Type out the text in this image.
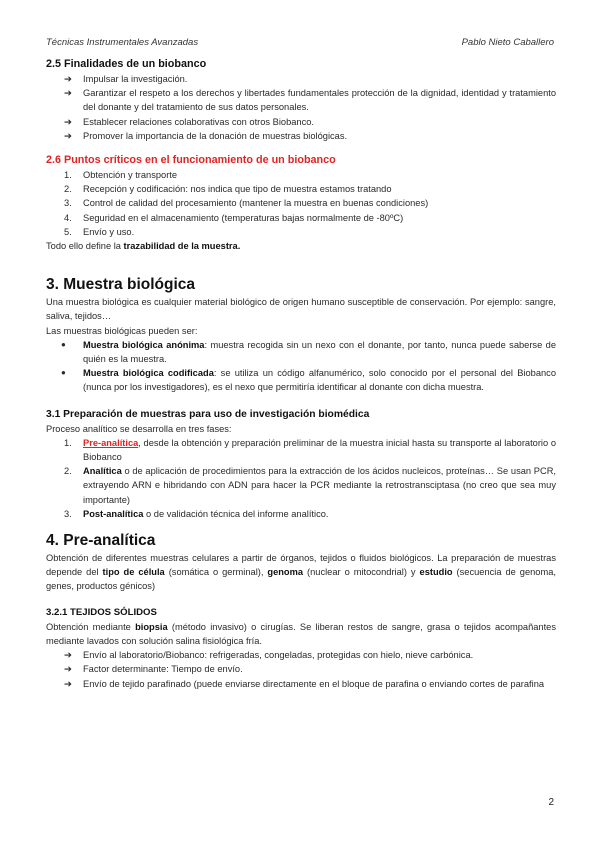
Técnicas Instrumentales Avanzadas	Pablo Nieto Caballero
2.5 Finalidades de un biobanco
➔ Impulsar la investigación.
➔ Garantizar el respeto a los derechos y libertades fundamentales protección de la dignidad, identidad y tratamiento del donante y del tratamiento de sus datos personales.
➔ Establecer relaciones colaborativas con otros Biobanco.
➔ Promover la importancia de la donación de muestras biológicas.
2.6 Puntos críticos en el funcionamiento de un biobanco
1. Obtención y transporte
2. Recepción y codificación: nos indica que tipo de muestra estamos tratando
3. Control de calidad del procesamiento (mantener la muestra en buenas condiciones)
4. Seguridad en el almacenamiento (temperaturas bajas normalmente de -80ºC)
5. Envío y uso.

Todo ello define la trazabilidad de la muestra.

3. Muestra biológica

Una muestra biológica es cualquier material biológico de origen humano susceptible de conservación. Por ejemplo: sangre, saliva, tejidos…

Las muestras biológicas pueden ser:

● Muestra biológica anónima: muestra recogida sin un nexo con el donante, por tanto, nunca puede saberse de quién es la muestra.
● Muestra biológica codificada: se utiliza un código alfanumérico, solo conocido por el personal del Biobanco (nunca por los investigadores), es el nexo que permitiría identificar al donante con dicha muestra.
3.1 Preparación de muestras para uso de investigación biomédica

Proceso analítico se desarrolla en tres fases:

1. Pre-analítica, desde la obtención y preparación preliminar de la muestra inicial hasta su transporte al laboratorio o Biobanco
2. Analítica o de aplicación de procedimientos para la extracción de los ácidos nucleicos, proteínas… Se usan PCR, extrayendo ARN e hibridando con ADN para hacer la PCR mediante la retrostransciptasa (no creo que sea muy importante)
3. Post-analítica o de validación técnica del informe analítico.
4. Pre-analítica

Obtención de diferentes muestras celulares a partir de órganos, tejidos o fluidos biológicos. La preparación de muestras depende del tipo de célula (somática o germinal), genoma (nuclear o mitocondrial) y estudio (secuencia de genoma, genes, productos génicos)

3.2.1 TEJIDOS SÓLIDOS

Obtención mediante biopsia (método invasivo) o cirugías. Se liberan restos de sangre, grasa o tejidos acompañantes mediante lavados con solución salina fisiológica fría.

➔ Envío al laboratorio/Biobanco: refrigeradas, congeladas, protegidas con hielo, nieve carbónica.
➔ Factor determinante: Tiempo de envío.
➔ Envío de tejido parafinado (puede enviarse directamente en el bloque de parafina o enviando cortes de parafina
2
